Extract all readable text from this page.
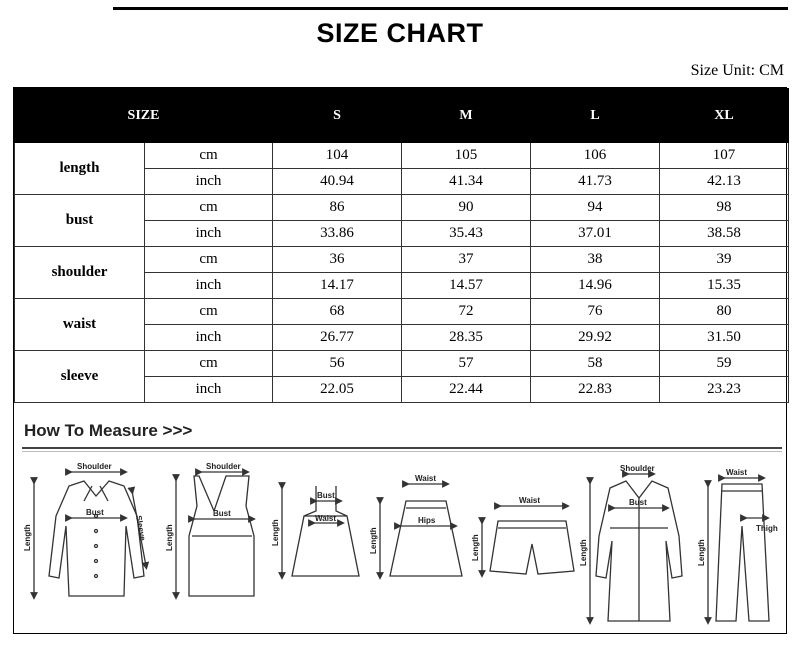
SIZE CHART
Size Unit: CM
SIZE		S	M	L	XL
length	cm	104	105	106	107
	inch	40.94	41.34	41.73	42.13
bust	cm	86	90	94	98
	inch	33.86	35.43	37.01	38.58
shoulder	cm	36	37	38	39
	inch	14.17	14.57	14.96	15.35
waist	cm	68	72	76	80
	inch	26.77	28.35	29.92	31.50
sleeve	cm	56	57	58	59
	inch	22.05	22.44	22.83	23.23
How To Measure >>>
Shoulder
Bust
Length	Sleeve
Shoulder
Bust
Length
Bust
Waist
Length
Waist
Hips
Length
Waist
Length
Shoulder
Bust
Length
Waist
Thigh
Length
